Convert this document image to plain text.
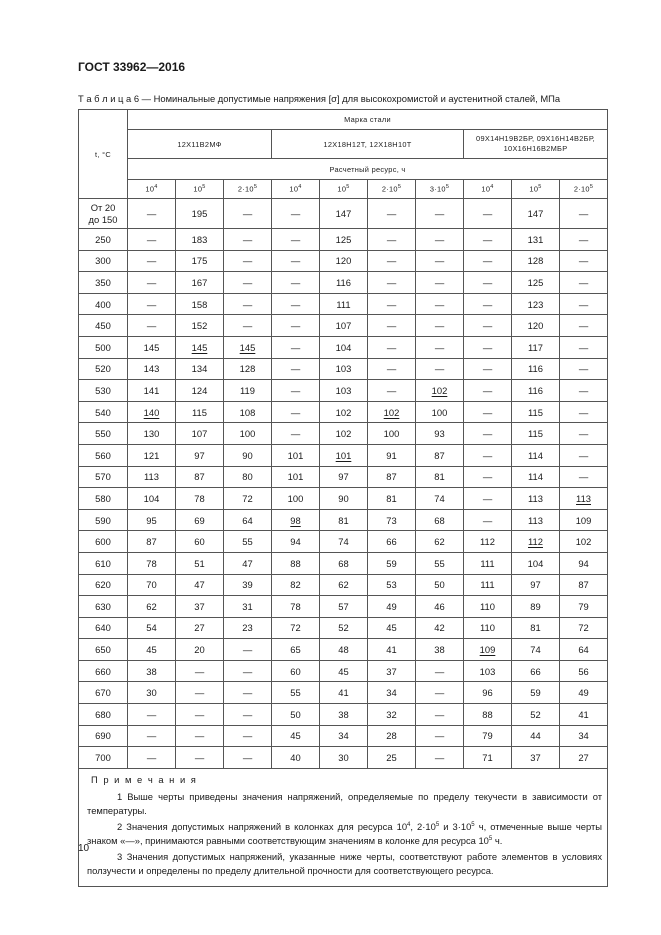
ГОСТ 33962—2016
Т а б л и ц а 6 — Номинальные допустимые напряжения [σ] для высокохромистой и аустенитной сталей, МПа
t, °С	Марка стали									
	12Х11В2МФ			12Х18Н12Т, 12Х18Н10Т				09Х14Н19В2БР, 09Х16Н14В2БР, 10Х16Н16В2МБР		
	Расчетный ресурс, ч									
	$10^4$	$10^5$	$2\cdot 10^5$	$10^4$	$10^5$	$2\cdot 10^5$	$3\cdot 10^5$	$10^4$	$10^5$	$2\cdot 10^5$

От 20
до 150	—	195	—	—	147	—	—	—	147	—
250	—	183	—	—	125	—	—	—	131	—
300	—	175	—	—	120	—	—	—	128	—
350	—	167	—	—	116	—	—	—	125	—
400	—	158	—	—	111	—	—	—	123	—
450	—	152	—	—	107	—	—	—	120	—
500	145	145	145	—	104	—	—	—	117	—
520	143	134	128	—	103	—	—	—	116	—
530	141	124	119	—	103	—	102	—	116	—
540	140	115	108	—	102	102	100	—	115	—
550	130	107	100	—	102	100	93	—	115	—
560	121	97	90	101	101	91	87	—	114	—
570	113	87	80	101	97	87	81	—	114	—
580	104	78	72	100	90	81	74	—	113	113
590	95	69	64	98	81	73	68	—	113	109
600	87	60	55	94	74	66	62	112	112	102
610	78	51	47	88	68	59	55	111	104	94
620	70	47	39	82	62	53	50	111	97	87
630	62	37	31	78	57	49	46	110	89	79
640	54	27	23	72	52	45	42	110	81	72
650	45	20	—	65	48	41	38	109	74	64
660	38	—	—	60	45	37	—	103	66	56
670	30	—	—	55	41	34	—	96	59	49
680	—	—	—	50	38	32	—	88	52	41
690	—	—	—	45	34	28	—	79	44	34
700	—	—	—	40	30	25	—	71	37	27

П р и м е ч а н и я
1 Выше черты приведены значения напряжений, определяемые по пределу текучести в зависимости от температуры.
2 Значения допустимых напряжений в колонках для ресурса $10^4$, $2\cdot 10^5$ и $3\cdot 10^5$ ч, отмеченные выше черты знаком «—», принимаются равными соответствующим значениям в колонке для ресурса $10^5$ ч.
3 Значения допустимых напряжений, указанные ниже черты, соответствуют работе элементов в условиях ползучести и определены по пределу длительной прочности для соответствующего ресурса.										
10
